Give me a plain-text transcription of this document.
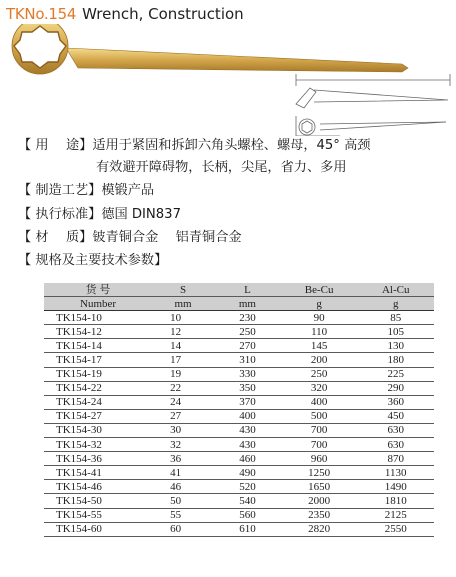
TKNo.154 Wrench, Construction
【 用 　途】适用于紧固和拆卸六角头螺栓、螺母，45° 高颈
有效避开障碍物，长柄，尖尾，省力、多用
【 制造工艺】模锻产品
【 执行标准】德国 DIN837
【 材 　质】铍青铜合金　 铝青铜合金
【 规格及主要技术参数】
货 号	S	L	Be-Cu	Al-Cu
Number	mm	mm	g	g
TK154-10	10	230	90	85
TK154-12	12	250	110	105
TK154-14	14	270	145	130
TK154-17	17	310	200	180
TK154-19	19	330	250	225
TK154-22	22	350	320	290
TK154-24	24	370	400	360
TK154-27	27	400	500	450
TK154-30	30	430	700	630
TK154-32	32	430	700	630
TK154-36	36	460	960	870
TK154-41	41	490	1250	1130
TK154-46	46	520	1650	1490
TK154-50	50	540	2000	1810
TK154-55	55	560	2350	2125
TK154-60	60	610	2820	2550
